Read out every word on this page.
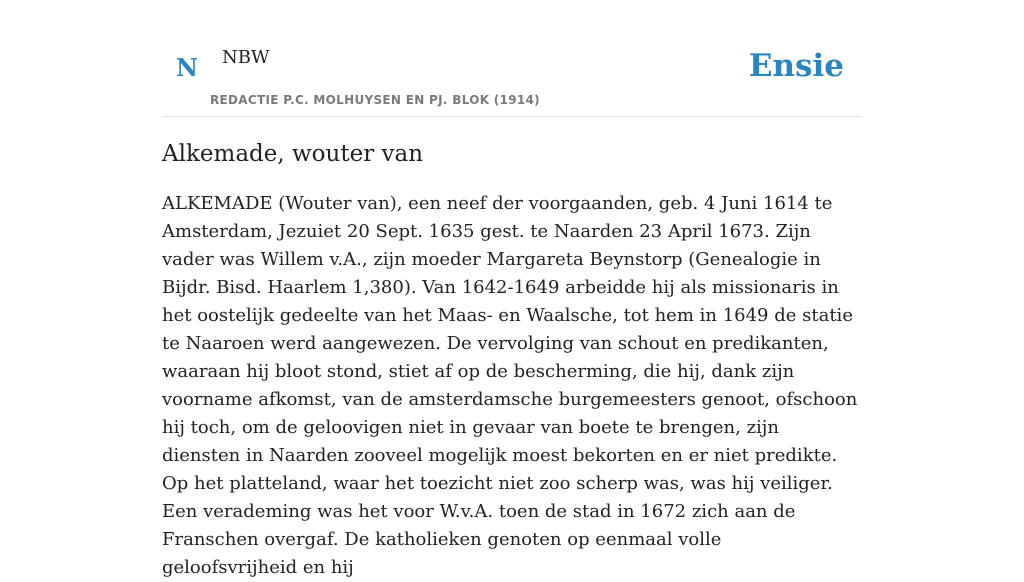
N NBW
REDACTIE P.C. MOLHUYSEN EN PJ. BLOK (1914)
Ensie
Alkemade, wouter van

ALKEMADE (Wouter van), een neef der voorgaanden, geb. 4 Juni 1614 te Amsterdam, Jezuiet 20 Sept. 1635 gest. te Naarden 23 April 1673. Zijn vader was Willem v.A., zijn moeder Margareta Beynstorp (Genealogie in Bijdr. Bisd. Haarlem 1,380). Van 1642-1649 arbeidde hij als missionaris in het oostelijk gedeelte van het Maas- en Waalsche, tot hem in 1649 de statie te Naaroen werd aangewezen. De vervolging van schout en predikanten, waaraan hij bloot stond, stiet af op de bescherming, die hij, dank zijn voorname afkomst, van de amsterdamsche burgemeesters genoot, ofschoon hij toch, om de geloovigen niet in gevaar van boete te brengen, zijn diensten in Naarden zooveel mogelijk moest bekorten en er niet predikte. Op het platteland, waar het toezicht niet zoo scherp was, was hij veiliger. Een verademing was het voor W.v.A. toen de stad in 1672 zich aan de Franschen overgaf. De katholieken genoten op eenmaal volle geloofsvrijheid en hij
